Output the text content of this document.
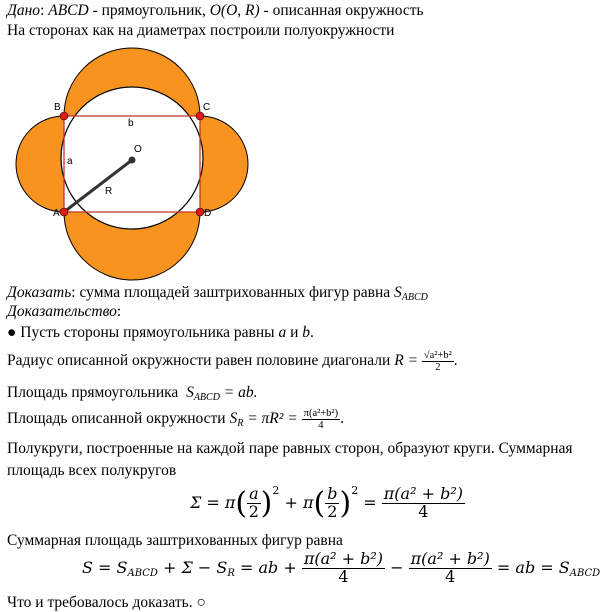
Дано: ABCD - прямоугольник, O(O, R) - описанная окружность
На сторонах как на диаметрах построили полуокружности
A
B	C
D
O
a
b
R
Доказать: сумма площадей заштрихованных фигур равна $S_{ABCD}$
Доказательство:
● Пусть стороны прямоугольника равны a и b.
Радиус описанной окружности равен половине диагонали $R = \frac{\text{√a²+b²}}{2}$ .
Площадь прямоугольника $S_{ABCD}$ = ab.
Площадь описанной окружности $S_R = \pi R^2 = \frac{\text{π(a²+b²)}}{4}$ .
Полукруги, построенные на каждой паре равных сторон, образуют круги. Суммарная
площадь всех полукругов
$\Sigma = \pi( \frac{a}{2} )^2 + \pi( \frac{b}{2} )^2 = \frac{\text{π(a² + b²)}}{4}$
Суммарная площадь заштрихованных фигур равна
$S = S_{ABCD} + \Sigma - S_R$ = ab + $\frac{\text{π(a² + b²)}}{4} - \frac{\text{π(a² + b²)}}{4}$ = ab = $S_{ABCD}$
Что и требовалось доказать. ○
